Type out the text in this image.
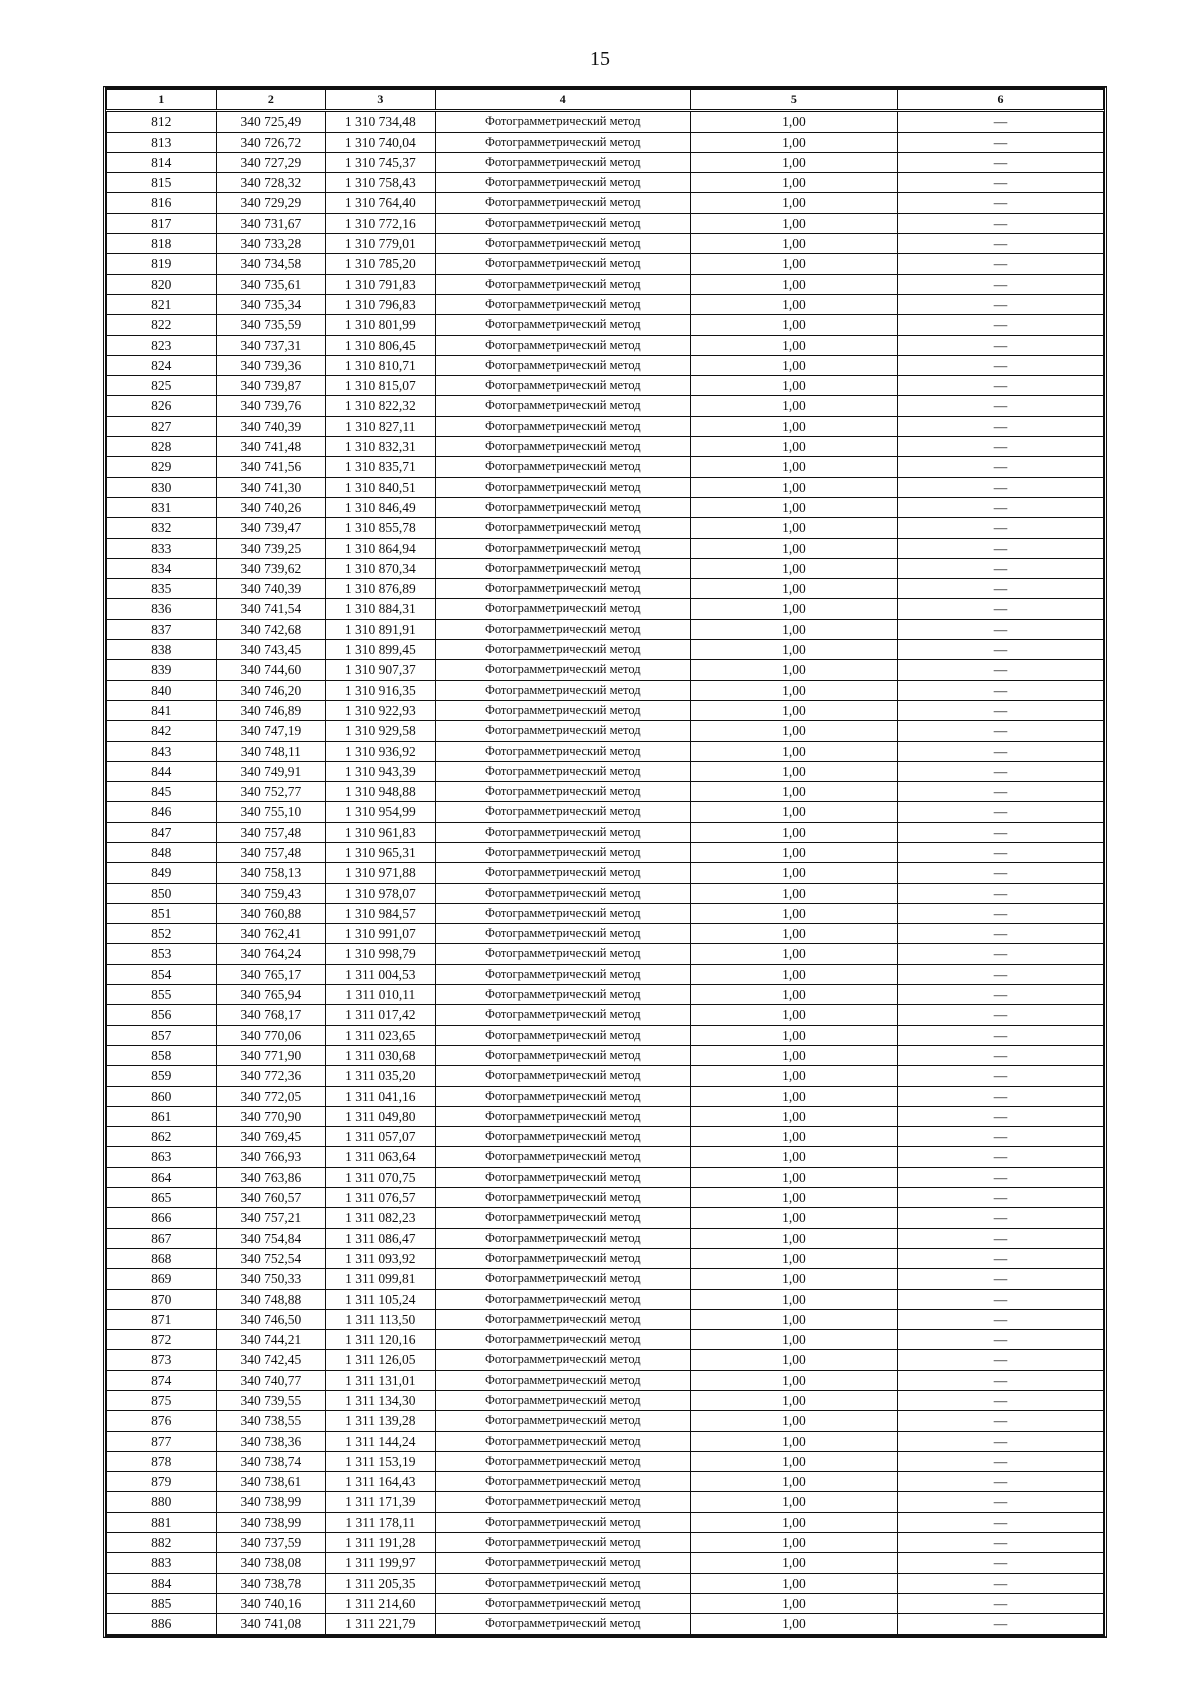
15
1	2	3	4	5	6
812	340 725,49	1 310 734,48	Фотограмметрический метод	1,00	—
813	340 726,72	1 310 740,04	Фотограмметрический метод	1,00	—
814	340 727,29	1 310 745,37	Фотограмметрический метод	1,00	—
815	340 728,32	1 310 758,43	Фотограмметрический метод	1,00	—
816	340 729,29	1 310 764,40	Фотограмметрический метод	1,00	—
817	340 731,67	1 310 772,16	Фотограмметрический метод	1,00	—
818	340 733,28	1 310 779,01	Фотограмметрический метод	1,00	—
819	340 734,58	1 310 785,20	Фотограмметрический метод	1,00	—
820	340 735,61	1 310 791,83	Фотограмметрический метод	1,00	—
821	340 735,34	1 310 796,83	Фотограмметрический метод	1,00	—
822	340 735,59	1 310 801,99	Фотограмметрический метод	1,00	—
823	340 737,31	1 310 806,45	Фотограмметрический метод	1,00	—
824	340 739,36	1 310 810,71	Фотограмметрический метод	1,00	—
825	340 739,87	1 310 815,07	Фотограмметрический метод	1,00	—
826	340 739,76	1 310 822,32	Фотограмметрический метод	1,00	—
827	340 740,39	1 310 827,11	Фотограмметрический метод	1,00	—
828	340 741,48	1 310 832,31	Фотограмметрический метод	1,00	—
829	340 741,56	1 310 835,71	Фотограмметрический метод	1,00	—
830	340 741,30	1 310 840,51	Фотограмметрический метод	1,00	—
831	340 740,26	1 310 846,49	Фотограмметрический метод	1,00	—
832	340 739,47	1 310 855,78	Фотограмметрический метод	1,00	—
833	340 739,25	1 310 864,94	Фотограмметрический метод	1,00	—
834	340 739,62	1 310 870,34	Фотограмметрический метод	1,00	—
835	340 740,39	1 310 876,89	Фотограмметрический метод	1,00	—
836	340 741,54	1 310 884,31	Фотограмметрический метод	1,00	—
837	340 742,68	1 310 891,91	Фотограмметрический метод	1,00	—
838	340 743,45	1 310 899,45	Фотограмметрический метод	1,00	—
839	340 744,60	1 310 907,37	Фотограмметрический метод	1,00	—
840	340 746,20	1 310 916,35	Фотограмметрический метод	1,00	—
841	340 746,89	1 310 922,93	Фотограмметрический метод	1,00	—
842	340 747,19	1 310 929,58	Фотограмметрический метод	1,00	—
843	340 748,11	1 310 936,92	Фотограмметрический метод	1,00	—
844	340 749,91	1 310 943,39	Фотограмметрический метод	1,00	—
845	340 752,77	1 310 948,88	Фотограмметрический метод	1,00	—
846	340 755,10	1 310 954,99	Фотограмметрический метод	1,00	—
847	340 757,48	1 310 961,83	Фотограмметрический метод	1,00	—
848	340 757,48	1 310 965,31	Фотограмметрический метод	1,00	—
849	340 758,13	1 310 971,88	Фотограмметрический метод	1,00	—
850	340 759,43	1 310 978,07	Фотограмметрический метод	1,00	—
851	340 760,88	1 310 984,57	Фотограмметрический метод	1,00	—
852	340 762,41	1 310 991,07	Фотограмметрический метод	1,00	—
853	340 764,24	1 310 998,79	Фотограмметрический метод	1,00	—
854	340 765,17	1 311 004,53	Фотограмметрический метод	1,00	—
855	340 765,94	1 311 010,11	Фотограмметрический метод	1,00	—
856	340 768,17	1 311 017,42	Фотограмметрический метод	1,00	—
857	340 770,06	1 311 023,65	Фотограмметрический метод	1,00	—
858	340 771,90	1 311 030,68	Фотограмметрический метод	1,00	—
859	340 772,36	1 311 035,20	Фотограмметрический метод	1,00	—
860	340 772,05	1 311 041,16	Фотограмметрический метод	1,00	—
861	340 770,90	1 311 049,80	Фотограмметрический метод	1,00	—
862	340 769,45	1 311 057,07	Фотограмметрический метод	1,00	—
863	340 766,93	1 311 063,64	Фотограмметрический метод	1,00	—
864	340 763,86	1 311 070,75	Фотограмметрический метод	1,00	—
865	340 760,57	1 311 076,57	Фотограмметрический метод	1,00	—
866	340 757,21	1 311 082,23	Фотограмметрический метод	1,00	—
867	340 754,84	1 311 086,47	Фотограмметрический метод	1,00	—
868	340 752,54	1 311 093,92	Фотограмметрический метод	1,00	—
869	340 750,33	1 311 099,81	Фотограмметрический метод	1,00	—
870	340 748,88	1 311 105,24	Фотограмметрический метод	1,00	—
871	340 746,50	1 311 113,50	Фотограмметрический метод	1,00	—
872	340 744,21	1 311 120,16	Фотограмметрический метод	1,00	—
873	340 742,45	1 311 126,05	Фотограмметрический метод	1,00	—
874	340 740,77	1 311 131,01	Фотограмметрический метод	1,00	—
875	340 739,55	1 311 134,30	Фотограмметрический метод	1,00	—
876	340 738,55	1 311 139,28	Фотограмметрический метод	1,00	—
877	340 738,36	1 311 144,24	Фотограмметрический метод	1,00	—
878	340 738,74	1 311 153,19	Фотограмметрический метод	1,00	—
879	340 738,61	1 311 164,43	Фотограмметрический метод	1,00	—
880	340 738,99	1 311 171,39	Фотограмметрический метод	1,00	—
881	340 738,99	1 311 178,11	Фотограмметрический метод	1,00	—
882	340 737,59	1 311 191,28	Фотограмметрический метод	1,00	—
883	340 738,08	1 311 199,97	Фотограмметрический метод	1,00	—
884	340 738,78	1 311 205,35	Фотограмметрический метод	1,00	—
885	340 740,16	1 311 214,60	Фотограмметрический метод	1,00	—
886	340 741,08	1 311 221,79	Фотограмметрический метод	1,00	—
